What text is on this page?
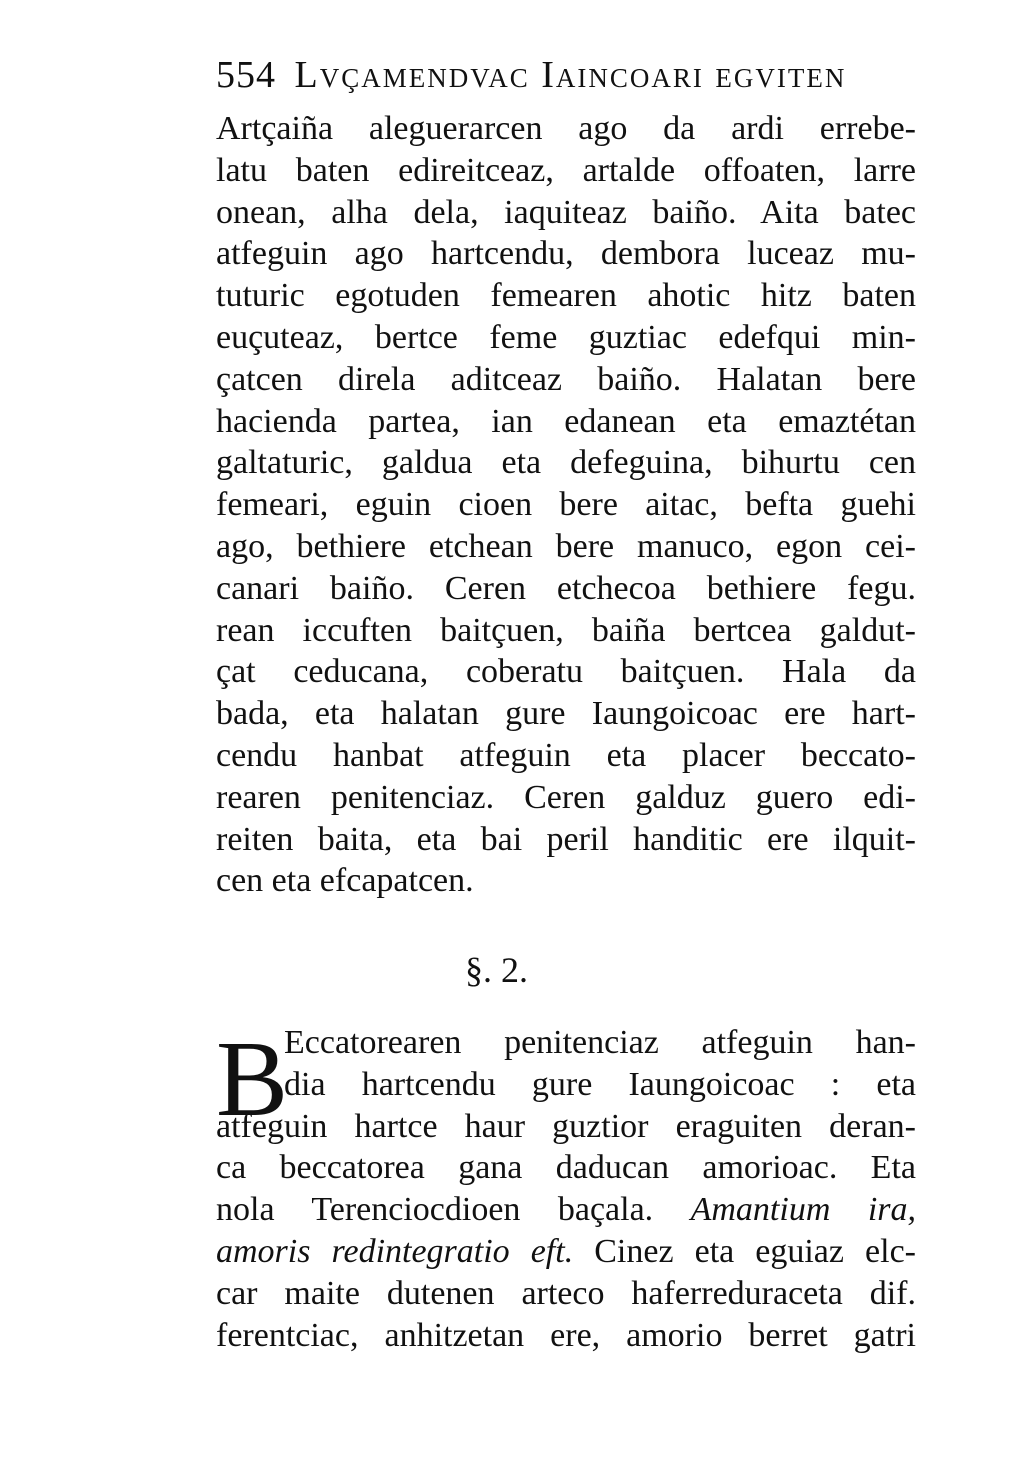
554 Lvçamendvac Iaincoari egviten
Artçaiña aleguerarcen ago da ardi errebe-
latu baten edireitceaz, artalde offoaten, larre
onean, alha dela, iaquiteaz baiño. Aita batec
atfeguin ago hartcendu, dembora luceaz mu-
tuturic egotuden femearen ahotic hitz baten
euçuteaz, bertce feme guztiac edefqui min-
çatcen direla aditceaz baiño. Halatan bere
hacienda partea, ian edanean eta emaztétan
galtaturic, galdua eta defeguina, bihurtu cen
femeari, eguin cioen bere aitac, befta guehi
ago, bethiere etchean bere manuco, egon cei-
canari baiño. Ceren etchecoa bethiere fegu.
rean iccuften baitçuen, baiña bertcea galdut-
çat ceducana, coberatu baitçuen. Hala da
bada, eta halatan gure Iaungoicoac ere hart-
cendu hanbat atfeguin eta placer beccato-
rearen penitenciaz. Ceren galduz guero edi-
reiten baita, eta bai peril handitic ere ilquit-
cen eta efcapatcen.
§. 2.
B
Eccatorearen penitenciaz atfeguin han-
dia hartcendu gure Iaungoicoac : eta
atfeguin hartce haur guztior eraguiten deran-
ca beccatorea gana daducan amorioac. Eta
nola Terenciocdioen baçala. Amantium ira,
amoris redintegratio eft. Cinez eta eguiaz elc-
car maite dutenen arteco haferreduraceta dif.
ferentciac, anhitzetan ere, amorio berret gatri
